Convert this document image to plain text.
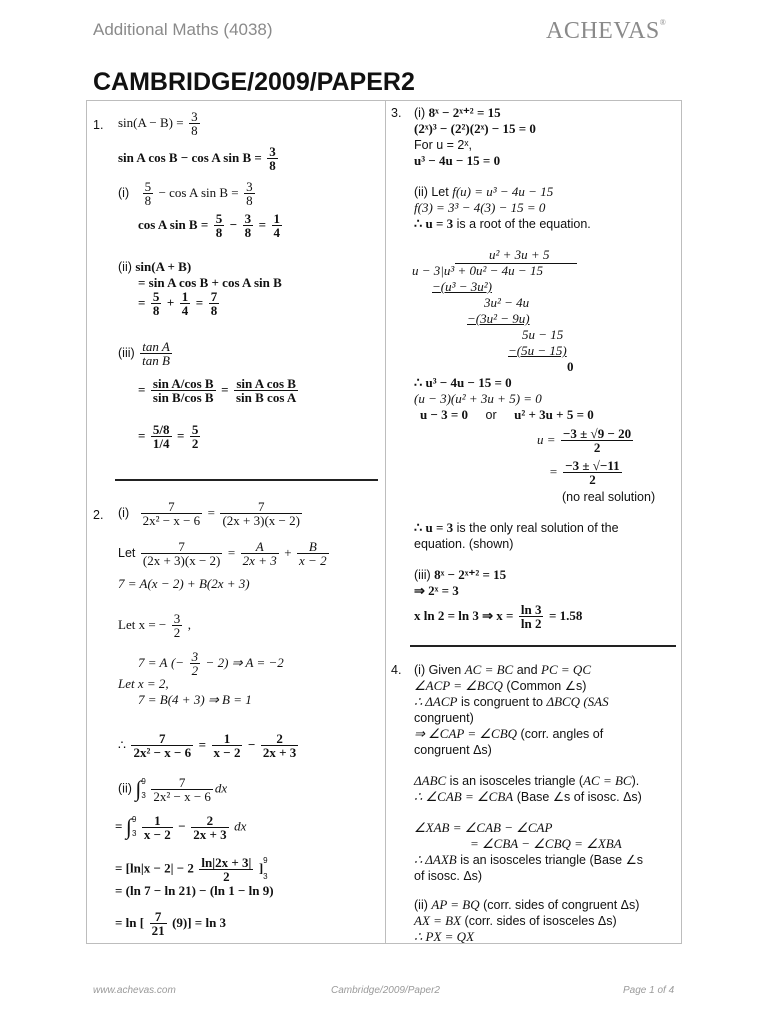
Additional Maths (4038)	ACHEVAS®
CAMBRIDGE/2009/PAPER2
1. $\sin(A - B) = \frac{3}{8}$
sin A cos B − cos A $\sin B = \frac{3}{8}$
$(i) \frac{5}{8} - \cos A$ $\sin B = \frac{3}{8}$
cos A $\sin B = \frac{5}{8} - \frac{3}{8} = \frac{1}{4}$
(ii) sin(A + B)
= sin A cos B + cos A sin B
= $\frac{5}{8} + \frac{1}{4} = \frac{7}{8}$
$(iii) \frac{\text{tan A}}{\text{tan B}}$
= $\frac{\text{sin A/cos B}}{\text{sin B/cos B}} = \frac{\text{sin A cos B}}{\text{sin B cos A}}$
= $\frac{5/8}{1/4} = \frac{5}{2}$
2. $(i) \frac{7}{\text{2x² − x − 6}} = \frac{7}{(2x + 3)(x - 2)}$
Let $\frac{7}{(2x + 3)(x - 2)} = \frac{A}{2x + 3} + \frac{B}{x - 2}$
7 = A(x − 2) + B(2x + 3)
Let x = − $\frac{3}{2}$ ,
7 = A (− $\frac{3}{2} - 2$) ⇒ A = −2
Let x = 2,
7 = B(4 + 3) ⇒ B = 1
∴ $\frac{7}{\text{2x² − x − 6}} = \frac{1}{x - 2} - \frac{2}{2x + 3}$
(ii) ∫ 9
3
$\frac{7}{\text{2x² − x − 6}}$ dx
= ∫ 9
3
$\frac{1}{x - 2} - \frac{2}{2x + 3}$ dx
= [$\ln|x - 2| - 2 \frac{\ln|2x + 3|}{2}$ ] 9
3
= (ln 7 − ln 21) − (ln 1 − ln 9)
= ln [ $\frac{7}{21} (9)] = \ln 3$
3. (i) 8ˣ − 2ˣ⁺² = 15
(2ˣ)³ − (2²)(2ˣ) − 15 = 0
For u = 2ˣ,
u³ − 4u − 15 = 0
(ii) Let f(u) = u³ − 4u − 15
f(3) = 3³ − 4(3) − 15 = 0
∴ u = 3 is a root of the equation.
u² + 3u + 5
u − 3|u³ + 0u² − 4u − 15
−(u³ − 3u²)
3u² − 4u
−(3u² − 9u)
5u − 15
−(5u − 15)
0
∴ u³ − 4u − 15 = 0
(u − 3)(u² + 3u + 5) = 0
u − 3 = 0 or u² + 3u + 5 = 0
$u = \frac{-3 \pm √9 - 20}{2}$
= $\frac{-3 \pm √-11}{2}$
(no real solution)
∴ u = 3 is the only real solution of the
equation. (shown)
(iii) 8ˣ − 2ˣ⁺² = 15
⇒ 2ˣ = 3
x ln 2 = ln 3 ⇒ $x = \frac{\ln 3}{\ln 2} = 1.58$
4. (i) Given AC = BC and PC = QC
∠ACP = ∠BCQ (Common ∠s)
∴ ΔACP is congruent to ΔBCQ (SAS
congruent)
⇒ ∠CAP = ∠CBQ (corr. angles of
congruent Δs)
ΔABC is an isosceles triangle (AC = BC).
∴ ∠CAB = ∠CBA (Base ∠s of isosc. Δs)
∠XAB = ∠CAB − ∠CAP
= ∠CBA − ∠CBQ = ∠XBA
∴ ΔAXB is an isosceles triangle (Base ∠s
of isosc. Δs)
(ii) AP = BQ (corr. sides of congruent Δs)
AX = BX (corr. sides of isosceles Δs)
∴ PX = QX
www.achevas.com	Cambridge/2009/Paper2	Page 1 of 4
